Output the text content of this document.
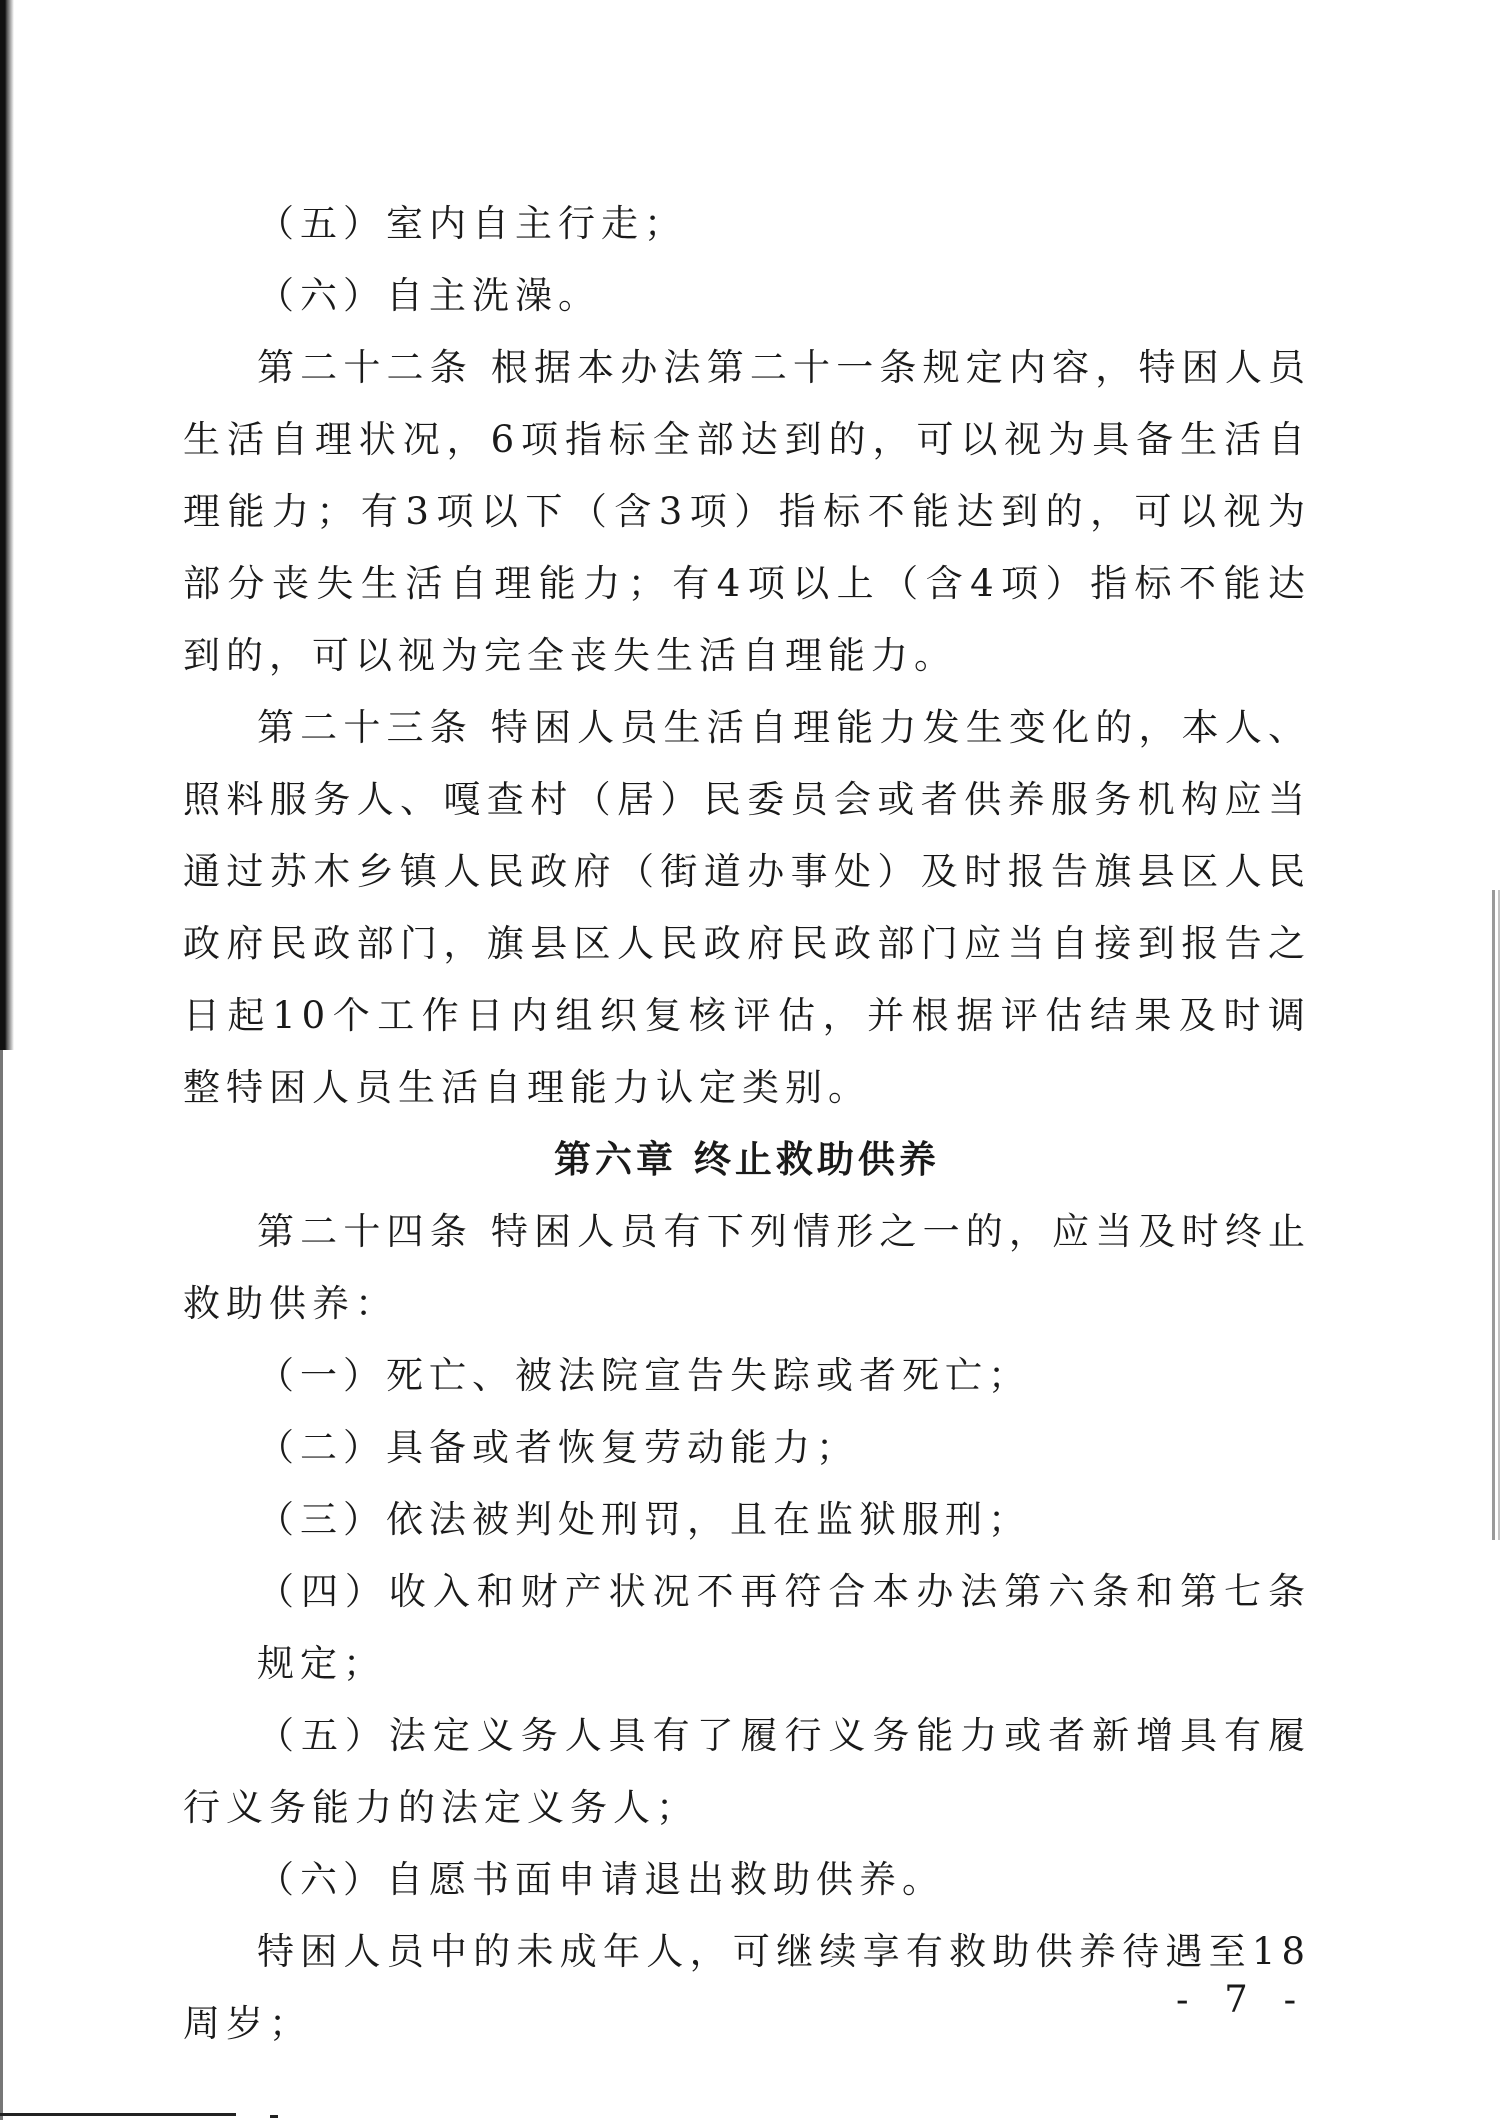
（五）室内自主行走；

（六）自主洗澡。

第二十二条 根据本办法第二十一条规定内容，特困人员生活自理状况，6项指标全部达到的，可以视为具备生活自理能力；有3项以下（含3项）指标不能达到的，可以视为部分丧失生活自理能力；有4项以上（含4项）指标不能达到的，可以视为完全丧失生活自理能力。

第二十三条 特困人员生活自理能力发生变化的，本人、照料服务人、嘎查村（居）民委员会或者供养服务机构应当通过苏木乡镇人民政府（街道办事处）及时报告旗县区人民政府民政部门，旗县区人民政府民政部门应当自接到报告之日起10个工作日内组织复核评估，并根据评估结果及时调整特困人员生活自理能力认定类别。

第六章 终止救助供养

第二十四条 特困人员有下列情形之一的，应当及时终止救助供养：

（一）死亡、被法院宣告失踪或者死亡；

（二）具备或者恢复劳动能力；

（三）依法被判处刑罚，且在监狱服刑；

（四）收入和财产状况不再符合本办法第六条和第七条规定；

（五）法定义务人具有了履行义务能力或者新增具有履行义务能力的法定义务人；

（六）自愿书面申请退出救助供养。

特困人员中的未成年人，可继续享有救助供养待遇至18周岁；

- 7 -
